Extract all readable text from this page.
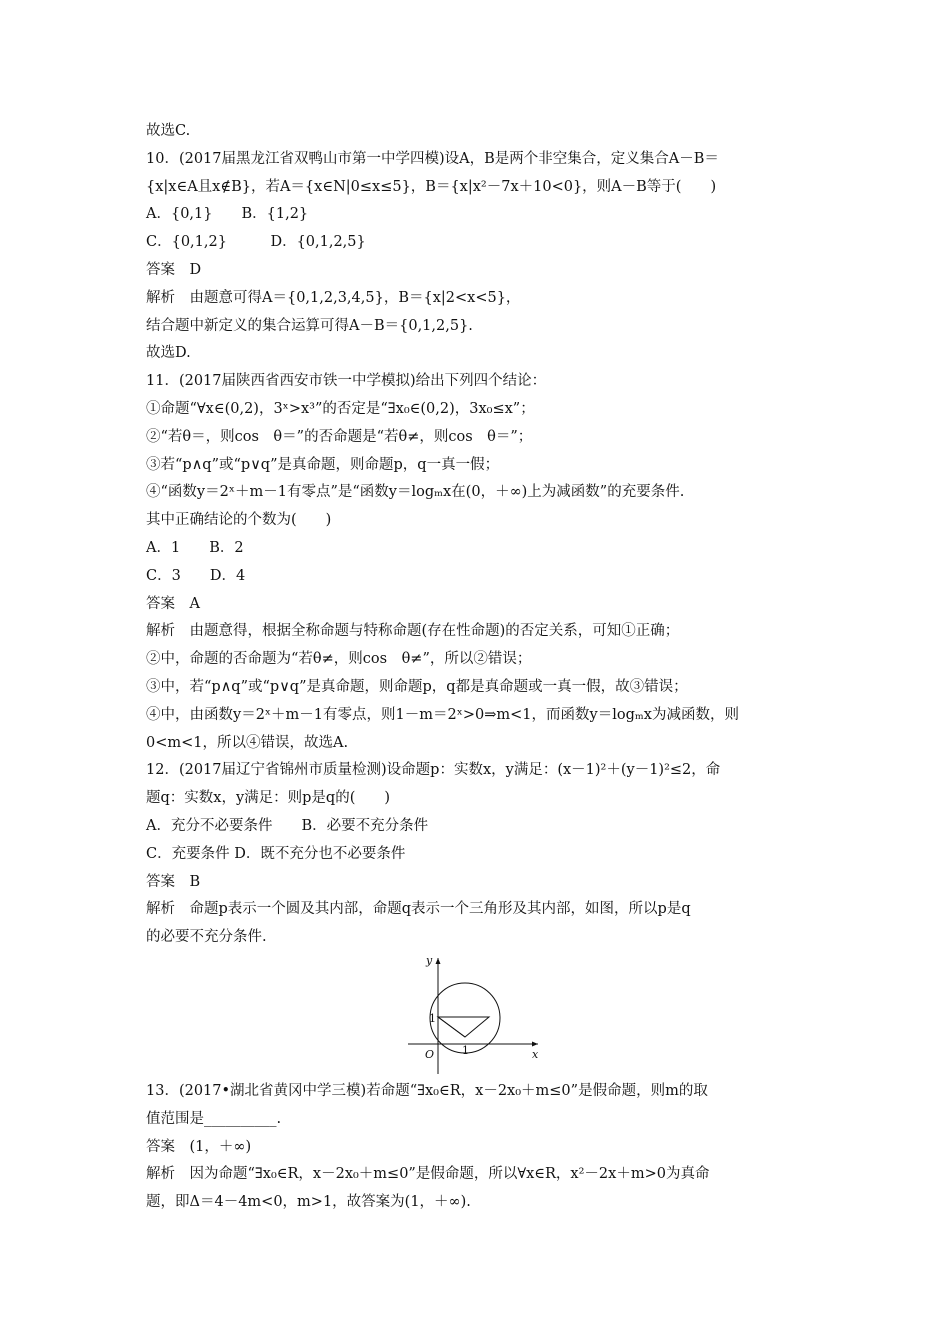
故选C.
10．(2017届黑龙江省双鸭山市第一中学四模)设A，B是两个非空集合，定义集合A－B＝
{x|x∈A且x∉B}，若A＝{x∈N|0≤x≤5}，B＝{x|x²－7x＋10<0}，则A－B等于(　　)
A．{0,1}　　B．{1,2}
C．{0,1,2}　　　D．{0,1,2,5}
答案　D
解析　由题意可得A＝{0,1,2,3,4,5}，B＝{x|2<x<5}，
结合题中新定义的集合运算可得A－B＝{0,1,2,5}.
故选D.
11．(2017届陕西省西安市铁一中学模拟)给出下列四个结论：
①命题“∀x∈(0,2)，3ˣ>x³”的否定是“∃x₀∈(0,2)，3x₀≤x”；
②“若θ＝，则cos　θ＝”的否命题是“若θ≠，则cos　θ＝”；
③若“p∧q”或“p∨q”是真命题，则命题p，q一真一假；
④“函数y＝2ˣ＋m－1有零点”是“函数y＝logₘx在(0，＋∞)上为减函数”的充要条件.
其中正确结论的个数为(　　)
A．1　　B．2
C．3　　D．4
答案　A
解析　由题意得，根据全称命题与特称命题(存在性命题)的否定关系，可知①正确；
②中，命题的否命题为“若θ≠，则cos　θ≠”，所以②错误；
③中，若“p∧q”或“p∨q”是真命题，则命题p，q都是真命题或一真一假，故③错误；
④中，由函数y＝2ˣ＋m－1有零点，则1－m＝2ˣ>0⇒m<1，而函数y＝logₘx为减函数，则
0<m<1，所以④错误，故选A.
12．(2017届辽宁省锦州市质量检测)设命题p：实数x，y满足：(x－1)²＋(y－1)²≤2，命
题q：实数x，y满足：则p是q的(　　)
A．充分不必要条件　　B．必要不充分条件
C．充要条件 D．既不充分也不必要条件
答案　B
解析　命题p表示一个圆及其内部，命题q表示一个三角形及其内部，如图，所以p是q
的必要不充分条件.
y
x
O
1
1
13．(2017•湖北省黄冈中学三模)若命题“∃x₀∈R，x－2x₀＋m≤0”是假命题，则m的取
值范围是__________.
答案　(1，＋∞)
解析　因为命题“∃x₀∈R，x－2x₀＋m≤0”是假命题，所以∀x∈R，x²－2x＋m>0为真命
题，即Δ＝4－4m<0，m>1，故答案为(1，＋∞).
